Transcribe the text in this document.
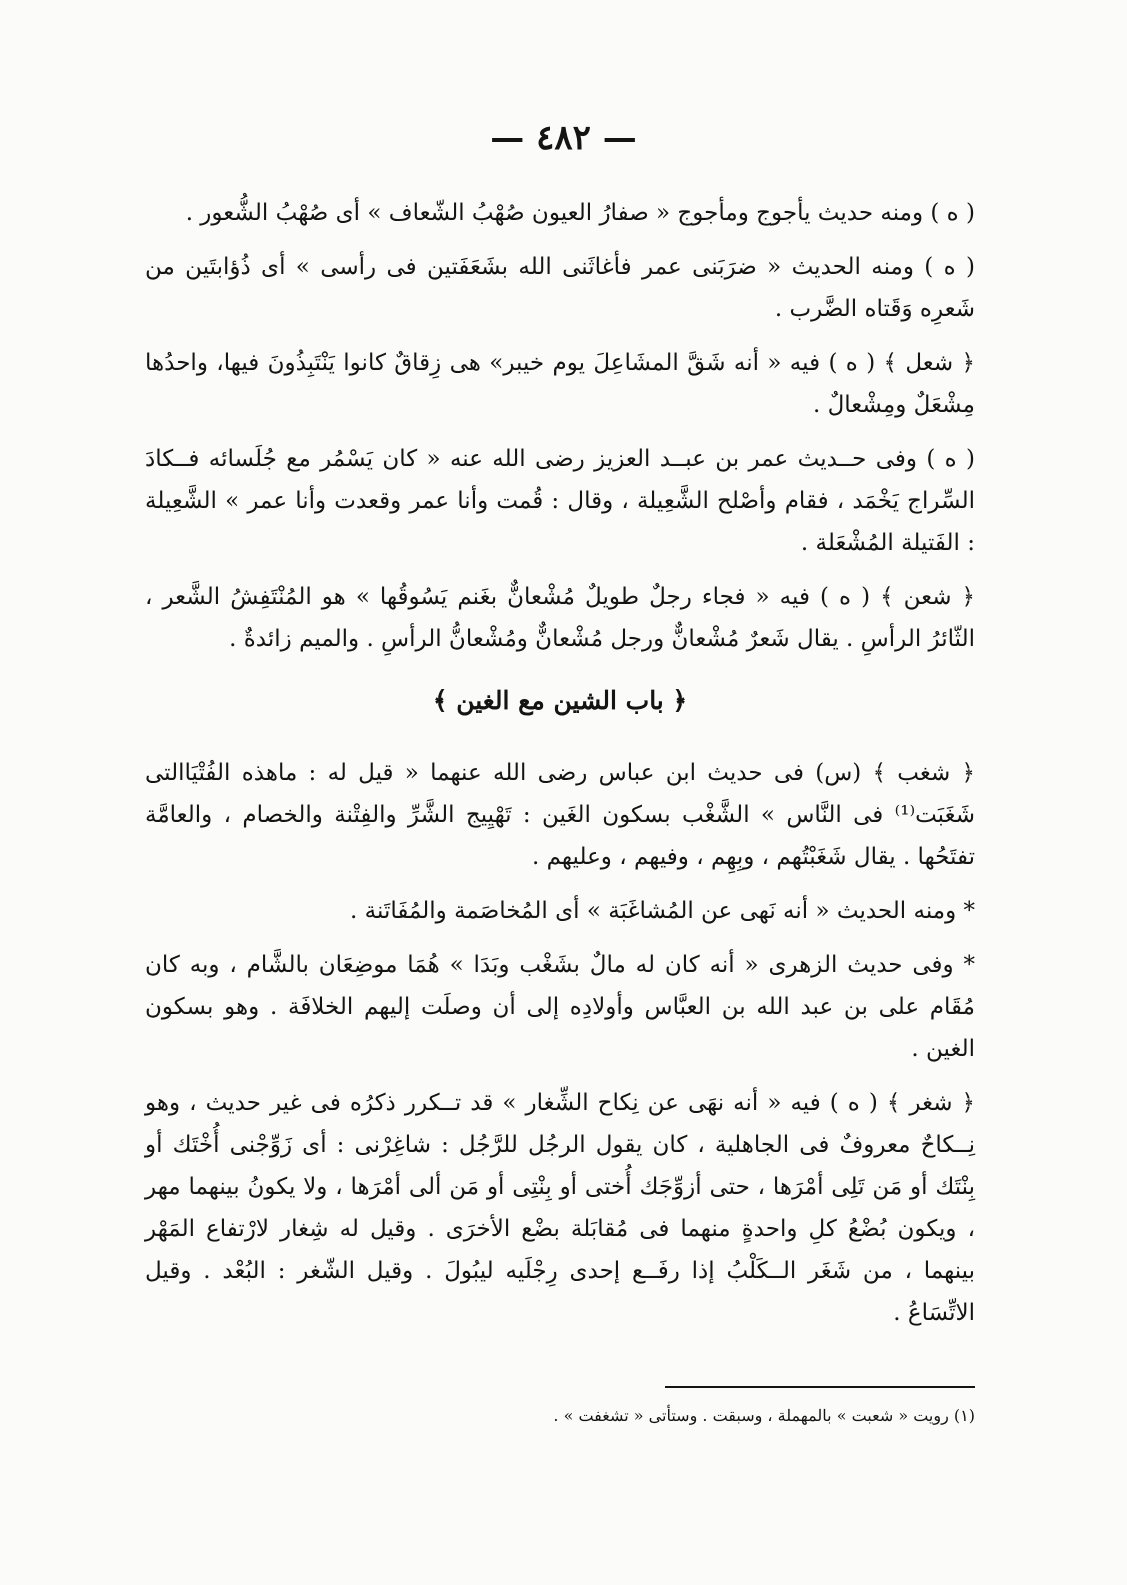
— ٤٨٢ —

( ه ) ومنه حديث يأجوج ومأجوج « صفارُ العيون صُهْبُ الشّعاف » أى صُهْبُ الشُّعور .

( ه ) ومنه الحديث « ضرَبَنى عمر فأغاثَنى الله بشَعَفَتين فى رأسى » أى ذُؤابتَين من شَعرِه وَقَتاه الضَّرب .

﴿ شعل ﴾ ( ه ) فيه « أنه شَقَّ المشَاعِلَ يوم خيبر» هى زِقاقٌ كانوا يَنْتَبِذُونَ فيها، واحدُها مِشْعَلٌ ومِشْعالٌ .

( ه ) وفى حــديث عمر بن عبــد العزيز رضى الله عنه « كان يَسْمُر مع جُلَسائه فــكادَ السِّراج يَخْمَد ، فقام وأصْلح الشَّعِيلة ، وقال : قُمت وأنا عمر وقعدت وأنا عمر » الشَّعِيلة : الفَتيلة المُشْعَلة .

﴿ شعن ﴾ ( ه ) فيه « فجاء رجلٌ طويلٌ مُشْعانٌّ بغَنم يَسُوقُها » هو المُنْتَفِشُ الشَّعر ، الثّائرُ الرأسِ . يقال شَعرٌ مُشْعانٌّ ورجل مُشْعانٌّ ومُشْعانُّ الرأسِ . والميم زائدةٌ .

﴿ باب الشين مع الغين ﴾

﴿ شغب ﴾ (س) فى حديث ابن عباس رضى الله عنهما « قيل له : ماهذه الفُتْيَاالتى شَغَبَت⁽¹⁾ فى النَّاس » الشَّغْب بسكون الغَين : تَهْيِيج الشَّرِّ والفِتْنة والخصام ، والعامَّة تفتَحُها . يقال شَغَبْتُهم ، وبِهِم ، وفيهم ، وعليهم .

* ومنه الحديث « أنه نَهى عن المُشاغَبَة » أى المُخاصَمة والمُفَاتَنة .

* وفى حديث الزهرى « أنه كان له مالٌ بشَغْب وبَدَا » هُمَا موضِعَان بالشَّام ، وبه كان مُقَام على بن عبد الله بن العبَّاس وأولادِه إلى أن وصلَت إليهم الخلافَة . وهو بسكون الغين .

﴿ شغر ﴾ ( ه ) فيه « أنه نهَى عن نِكاح الشِّغار » قد تــكرر ذكرُه فى غير حديث ، وهو نِــكاحٌ معروفٌ فى الجاهلية ، كان يقول الرجُل للرَّجُل : شاغِرْنى : أى زَوِّجْنى أُخْتَك أو بِنْتَك أو مَن تَلِى أمْرَها ، حتى أزوِّجَك أُختى أو بِنْتِى أو مَن ألى أمْرَها ، ولا يكونُ بينهما مهر ، ويكون بُضْعُ كلِ واحدةٍ منهما فى مُقابَلة بضْع الأخرَى . وقيل له شِغار لارْتفاع المَهْر بينهما ، من شَغَر الــكَلْبُ إذا رفَــع إحدى رِجْلَيه ليبُولَ . وقيل الشّغر : البُعْد . وقيل الاتِّسَاعُ .

(١) رويت « شعبت » بالمهملة ، وسبقت . وستأتى « تشغفت » .
